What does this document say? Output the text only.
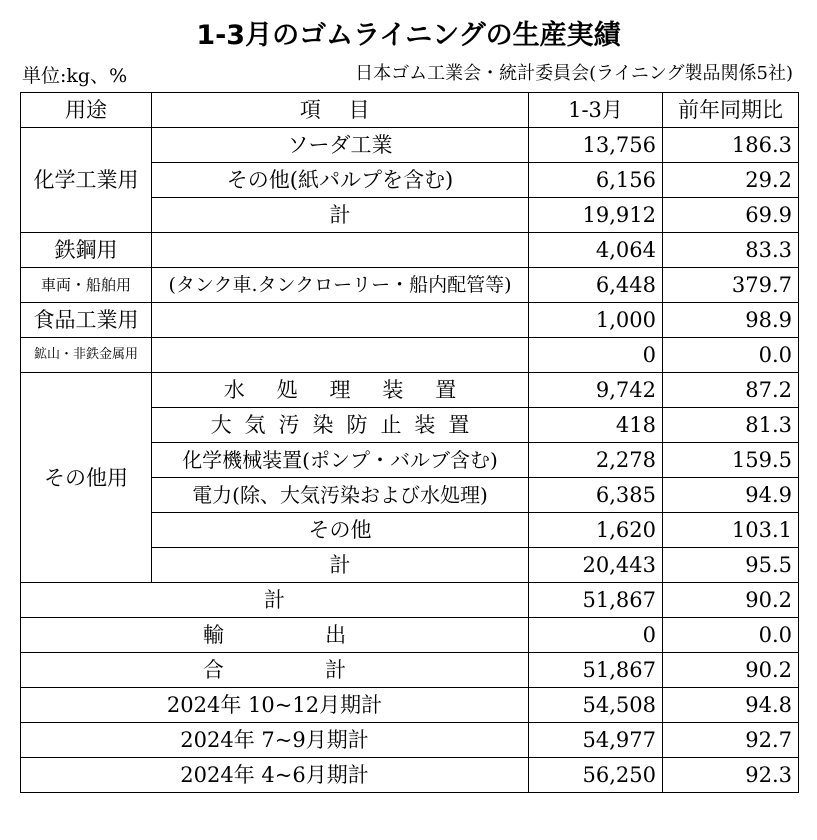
1-3月のゴムライニングの生産実績
単位:kg、%	日本ゴム工業会・統計委員会(ライニング製品関係5社)
用途	項 目	1-3月	前年同期比
化学工業用	ソーダ工業	13,756	186.3
	その他(紙パルプを含む)	6,156	29.2
	計	19,912	69.9
鉄鋼用		4,064	83.3
車両・船舶用	(タンク車.タンクローリー・船内配管等)	6,448	379.7
食品工業用		1,000	98.9
鉱山・非鉄金属用		0	0.0
その他用	水 処 理 装 置	9,742	87.2
	大 気 汚 染 防 止 装 置	418	81.3
	化学機械装置(ポンプ・バルブ含む)	2,278	159.5
	電力(除、大気汚染および水処理)	6,385	94.9
	その他	1,620	103.1
	計	20,443	95.5
計		51,867	90.2
輸 出		0	0.0
合 計		51,867	90.2
2024年 10~12月期計		54,508	94.8
2024年 7~9月期計		54,977	92.7
2024年 4~6月期計		56,250	92.3
